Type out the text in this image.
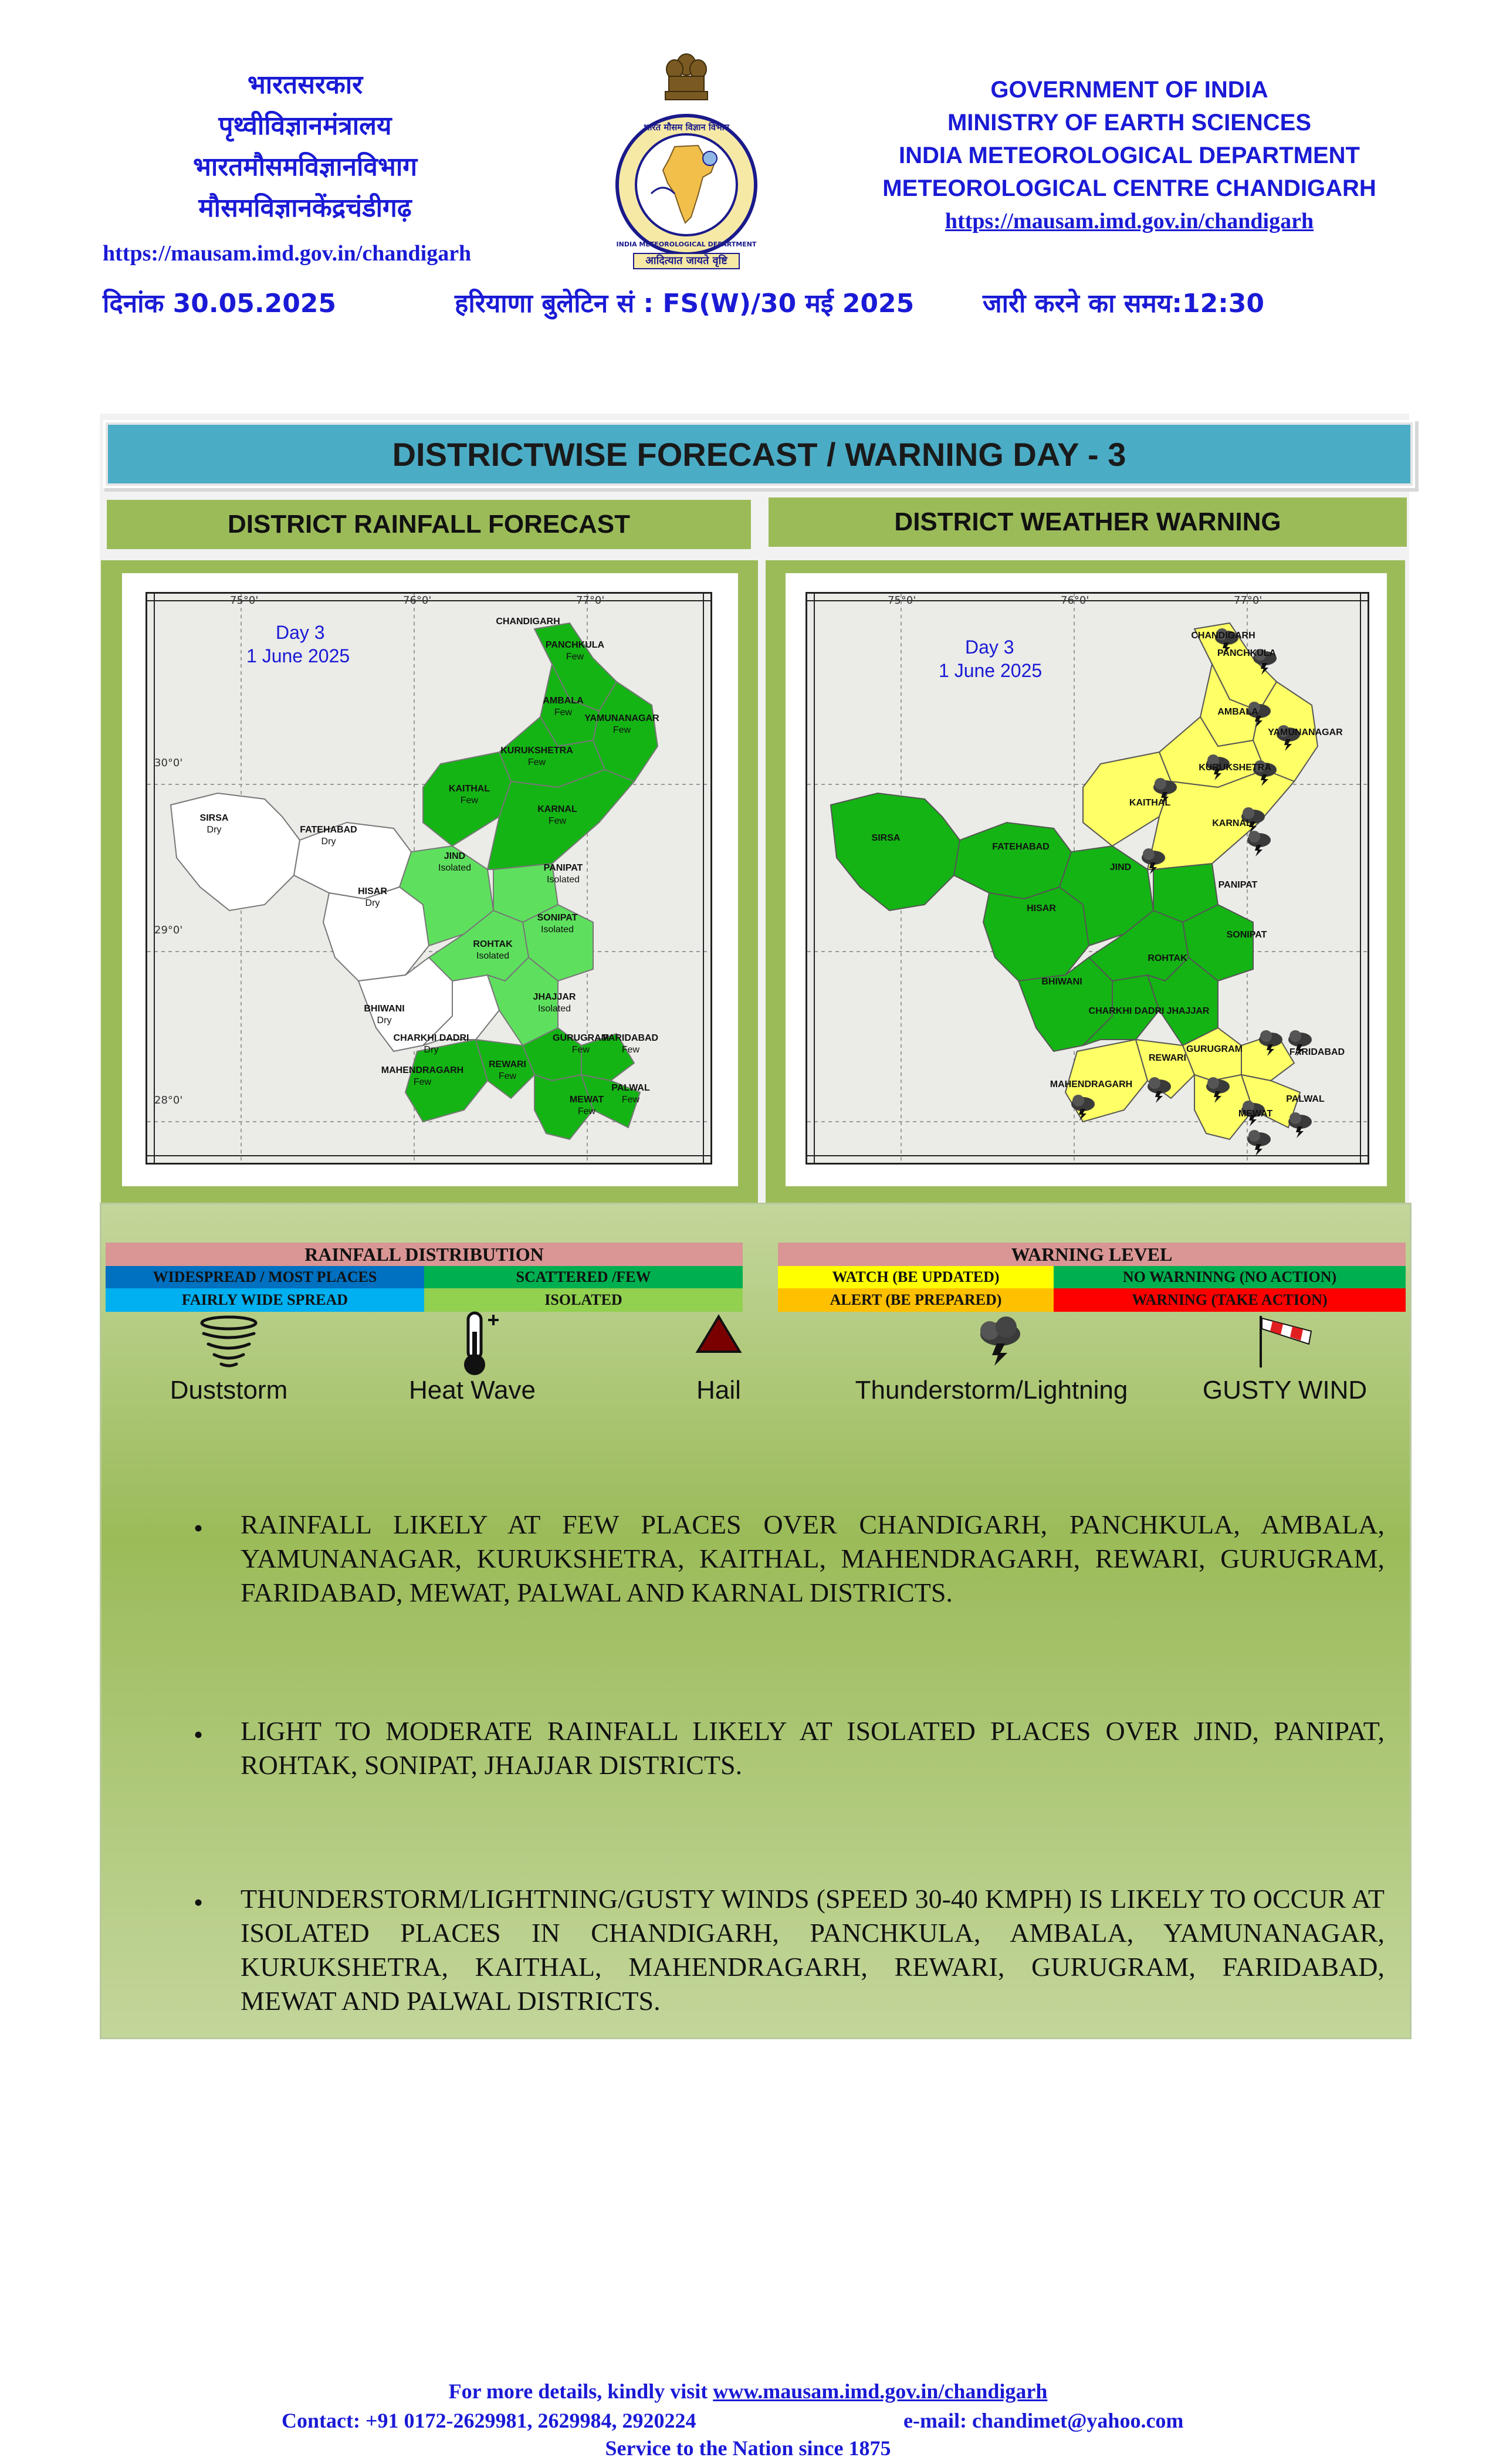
भारतसरकार
पृथ्वीविज्ञानमंत्रालय
भारतमौसमविज्ञानविभाग
मौसमविज्ञानकेंद्रचंडीगढ़
https://mausam.imd.gov.in/chandigarh
भारत मौसम विज्ञान विभाग
INDIA METEOROLOGICAL DEPARTMENT
आदित्यात जायते वृष्टि
GOVERNMENT OF INDIA
MINISTRY OF EARTH SCIENCES
INDIA METEOROLOGICAL DEPARTMENT
METEOROLOGICAL CENTRE CHANDIGARH
https://mausam.imd.gov.in/chandigarh
दिनांक 30.05.2025	हरियाणा बुलेटिन सं : FS(W)/30 मई 2025	जारी करने का समय:12:30
DISTRICTWISE FORECAST / WARNING DAY - 3
DISTRICT RAINFALL FORECAST	DISTRICT WEATHER WARNING
Day 3
1 June 2025	Day 3
1 June 2025
75°0'	76°0'	77°0'
30°0'
29°0'
28°0'
75°0'	76°0'	77°0'
CHANDIGARH
PANCHKULA
Few
AMBALA
Few
YAMUNANAGAR
Few
KURUKSHETRA
Few
KAITHAL
Few
KARNAL
Few
SIRSA
Dry	FATEHABAD
Dry
JIND
Isolated	PANIPAT
Isolated
HISAR
Dry
SONIPAT
Isolated
ROHTAK
Isolated
BHIWANI
Dry
CHARKHI DADRI
Dry
JHAJJAR
Isolated
GURUGRAM
Few
FARIDABAD
Few
REWARI
Few
MAHENDRAGARH
Few
PALWAL
Few
MEWAT
Few
CHANDIGARH
PANCHKULA
AMBALA
YAMUNANAGAR
KURUKSHETRA
KAITHAL
KARNAL
SIRSA
FATEHABAD
JIND
PANIPAT
HISAR
SONIPAT
ROHTAK
BHIWANI
CHARKHI DADRI JHAJJAR
GURUGRAM	FARIDABAD
REWARI
MAHENDRAGARH
PALWAL
MEWAT
RAINFALL DISTRIBUTION
WIDESPREAD / MOST PLACES	SCATTERED /FEW
FAIRLY WIDE SPREAD	ISOLATED
WARNING LEVEL
WATCH (BE UPDATED)	NO WARNINNG (NO ACTION)
ALERT (BE PREPARED)	WARNING (TAKE ACTION)
Duststorm	Heat Wave	Hail	Thunderstorm/Lightning	GUSTY WIND
• RAINFALL LIKELY AT FEW PLACES OVER CHANDIGARH, PANCHKULA, AMBALA, YAMUNANAGAR, KURUKSHETRA, KAITHAL, MAHENDRAGARH, REWARI, GURUGRAM, FARIDABAD, MEWAT, PALWAL AND KARNAL DISTRICTS.
• LIGHT TO MODERATE RAINFALL LIKELY AT ISOLATED PLACES OVER JIND, PANIPAT, ROHTAK, SONIPAT, JHAJJAR DISTRICTS.
• THUNDERSTORM/LIGHTNING/GUSTY WINDS (SPEED 30-40 KMPH) IS LIKELY TO OCCUR AT ISOLATED PLACES IN CHANDIGARH, PANCHKULA, AMBALA, YAMUNANAGAR, KURUKSHETRA, KAITHAL, MAHENDRAGARH, REWARI, GURUGRAM, FARIDABAD, MEWAT AND PALWAL DISTRICTS.
For more details, kindly visit www.mausam.imd.gov.in/chandigarh
Contact: +91 0172-2629981, 2629984, 2920224	e-mail: chandimet@yahoo.com
Service to the Nation since 1875
